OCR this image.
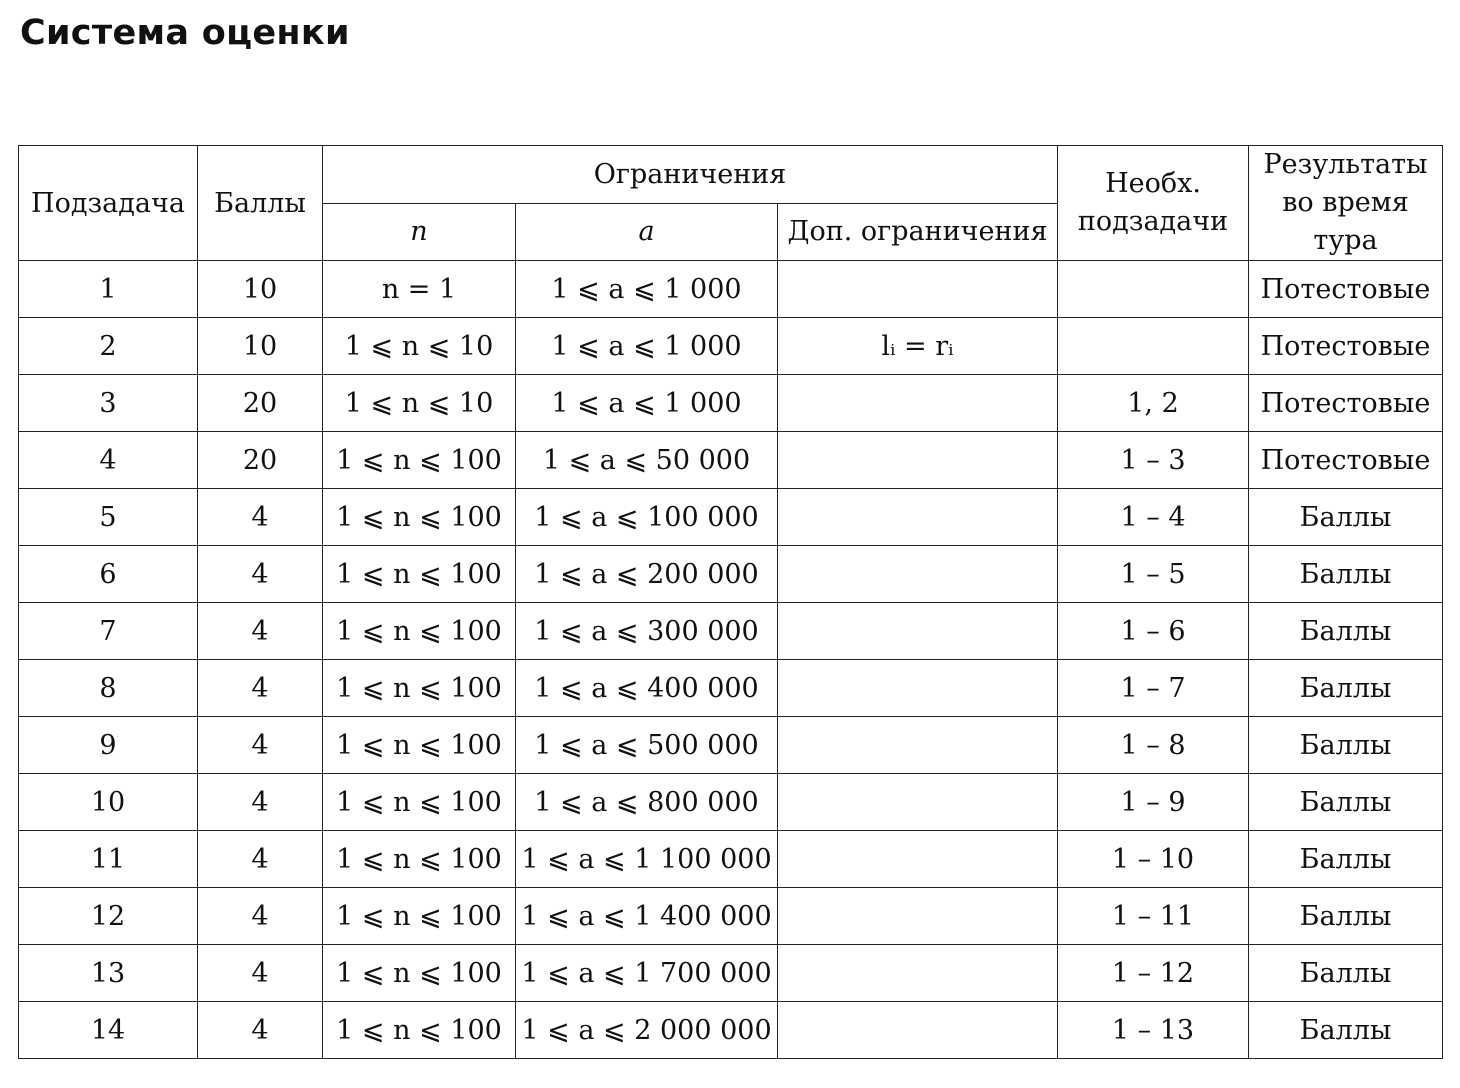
Система оценки
Подзадача	Баллы	Ограничения			Необх. подзадачи	Результаты во время тура
		n	a	Доп. ограничения		
1	10	n = 1	1 ⩽ a ⩽ 1 000			Потестовые
2	10	1 ⩽ n ⩽ 10	1 ⩽ a ⩽ 1 000	lᵢ = rᵢ		Потестовые
3	20	1 ⩽ n ⩽ 10	1 ⩽ a ⩽ 1 000		1, 2	Потестовые
4	20	1 ⩽ n ⩽ 100	1 ⩽ a ⩽ 50 000		1 – 3	Потестовые
5	4	1 ⩽ n ⩽ 100	1 ⩽ a ⩽ 100 000		1 – 4	Баллы
6	4	1 ⩽ n ⩽ 100	1 ⩽ a ⩽ 200 000		1 – 5	Баллы
7	4	1 ⩽ n ⩽ 100	1 ⩽ a ⩽ 300 000		1 – 6	Баллы
8	4	1 ⩽ n ⩽ 100	1 ⩽ a ⩽ 400 000		1 – 7	Баллы
9	4	1 ⩽ n ⩽ 100	1 ⩽ a ⩽ 500 000		1 – 8	Баллы
10	4	1 ⩽ n ⩽ 100	1 ⩽ a ⩽ 800 000		1 – 9	Баллы
11	4	1 ⩽ n ⩽ 100	1 ⩽ a ⩽ 1 100 000		1 – 10	Баллы
12	4	1 ⩽ n ⩽ 100	1 ⩽ a ⩽ 1 400 000		1 – 11	Баллы
13	4	1 ⩽ n ⩽ 100	1 ⩽ a ⩽ 1 700 000		1 – 12	Баллы
14	4	1 ⩽ n ⩽ 100	1 ⩽ a ⩽ 2 000 000		1 – 13	Баллы
